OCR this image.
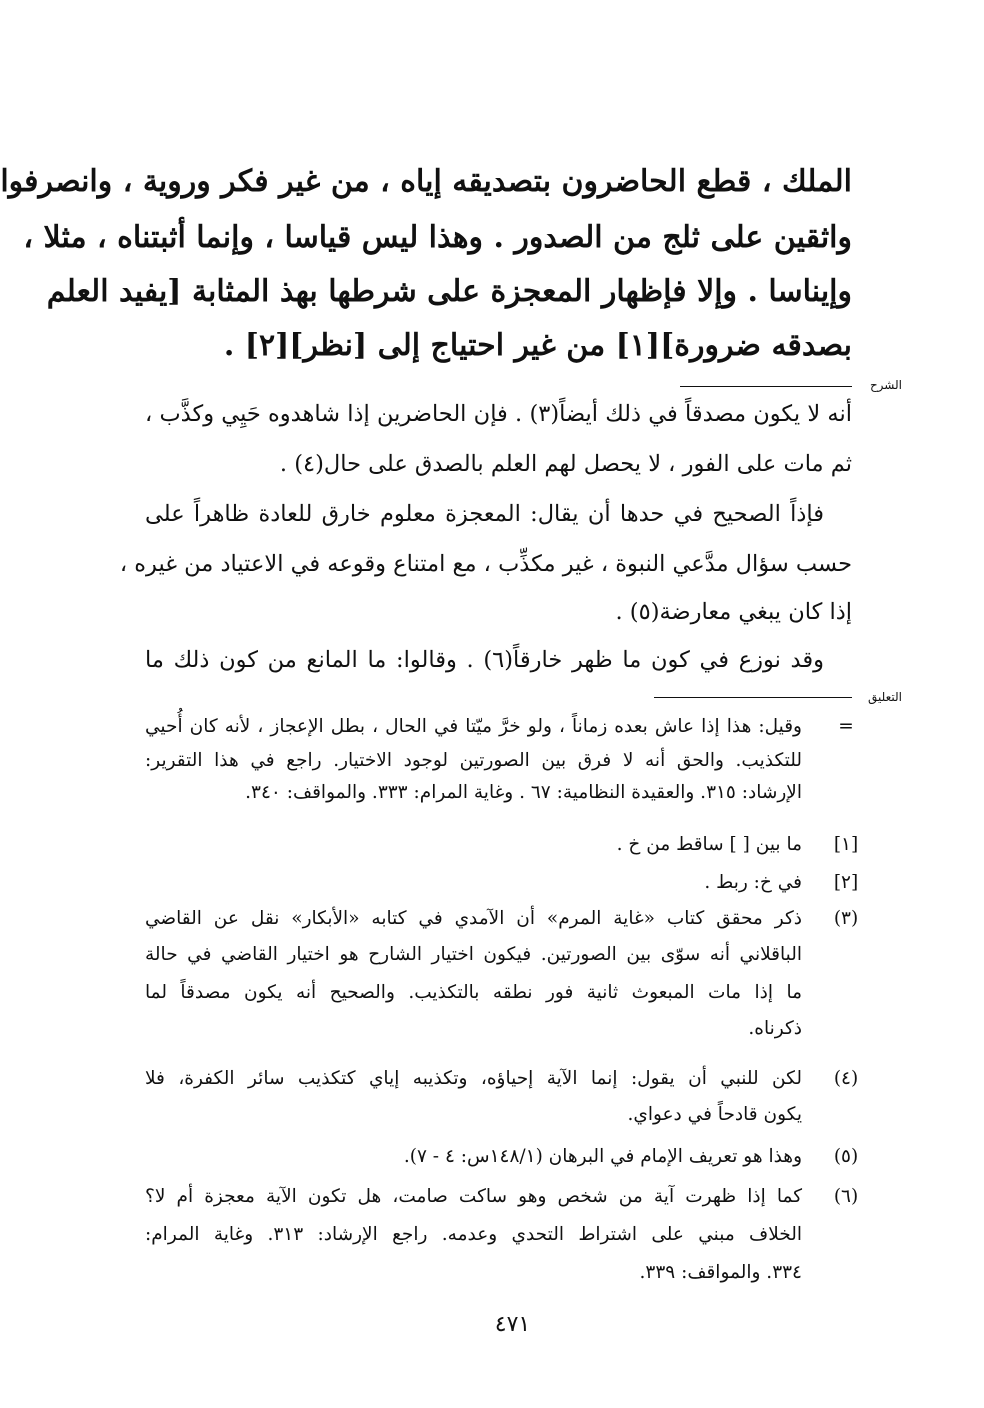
الملك ، قطع الحاضرون بتصديقه إياه ، من غير فكر وروية ، وانصرفوا
واثقين على ثلج من الصدور . وهذا ليس قياسا ، وإنما أثبتناه ، مثلا ،
وإيناسا . وإلا فإظهار المعجزة على شرطها بهذ المثابة [يفيد العلم
بصدقه ضرورة][١] من غير احتياج إلى [نظر][٢] .
الشرح
أنه لا يكون مصدقاً في ذلك أيضاً(٣) . فإن الحاضرين إذا شاهدوه حَيِي وكذَّب ،
ثم مات على الفور ، لا يحصل لهم العلم بالصدق على حال(٤) .
فإذاً الصحيح في حدها أن يقال: المعجزة معلوم خارق للعادة ظاهراً على
حسب سؤال مدَّعي النبوة ، غير مكذِّب ، مع امتناع وقوعه في الاعتياد من غيره ،
إذا كان يبغي معارضة(٥) .
وقد نوزع في كون ما ظهر خارقاً(٦) . وقالوا: ما المانع من كون ذلك ما
التعليق
=
وقيل: هذا إذا عاش بعده زماناً ، ولو خرَّ ميّتا في الحال ، بطل الإعجاز ، لأنه كان أُحيي
للتكذيب. والحق أنه لا فرق بين الصورتين لوجود الاختيار. راجع في هذا التقرير:
الإرشاد: ٣١٥. والعقيدة النظامية: ٦٧ . وغاية المرام: ٣٣٣. والمواقف: ٣٤٠.
[١]
ما بين [ ] ساقط من خ .
[٢]
في خ: ربط .
(٣)
ذكر محقق كتاب «غاية المرم» أن الآمدي في كتابه «الأبكار» نقل عن القاضي
الباقلاني أنه سوّى بين الصورتين. فيكون اختيار الشارح هو اختيار القاضي في حالة
ما إذا مات المبعوث ثانية فور نطقه بالتكذيب. والصحيح أنه يكون مصدقاً لما
ذكرناه.
(٤)
لكن للنبي أن يقول: إنما الآية إحياؤه، وتكذيبه إياي كتكذيب سائر الكفرة، فلا
يكون قادحاً في دعواي.
(٥)
وهذا هو تعريف الإمام في البرهان (١٤٨/١س: ٤ - ٧).
(٦)
كما إذا ظهرت آية من شخص وهو ساكت صامت، هل تكون الآية معجزة أم لا؟
الخلاف مبني على اشتراط التحدي وعدمه. راجع الإرشاد: ٣١٣. وغاية المرام:
٣٣٤. والمواقف: ٣٣٩.
٤٧١
